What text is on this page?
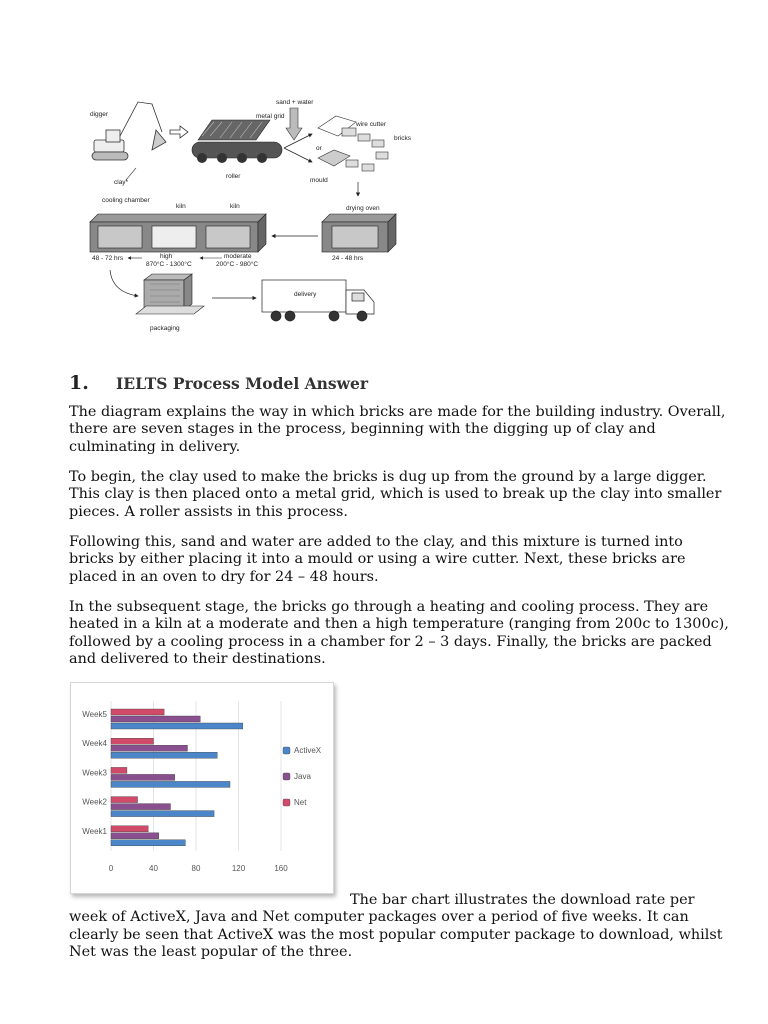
digger
clay*
metal grid
roller
sand + water
or
wire cutter
bricks
mould
drying oven
24 - 48 hrs
cooling chamber
kiln	kiln
48 - 72 hrs	high
870°C - 1300°C
moderate
200°C - 980°C
packaging
delivery
1.	IELTS Process Model Answer

The diagram explains the way in which bricks are made for the building industry. Overall, there are seven stages in the process, beginning with the digging up of clay and culminating in delivery.

To begin, the clay used to make the bricks is dug up from the ground by a large digger. This clay is then placed onto a metal grid, which is used to break up the clay into smaller pieces. A roller assists in this process.

Following this, sand and water are added to the clay, and this mixture is turned into bricks by either placing it into a mould or using a wire cutter. Next, these bricks are placed in an oven to dry for 24 – 48 hours.

In the subsequent stage, the bricks go through a heating and cooling process. They are heated in a kiln at a moderate and then a high temperature (ranging from 200c to 1300c), followed by a cooling process in a chamber for 2 – 3 days. Finally, the bricks are packed and delivered to their destinations.

0	40	80	120	160
Week1
Week2
Week3
Week4
Week5
ActiveX
Java
Net

The bar chart illustrates the download rate per week of ActiveX, Java and Net computer packages over a period of five weeks. It can clearly be seen that ActiveX was the most popular computer package to download, whilst Net was the least popular of the three.
